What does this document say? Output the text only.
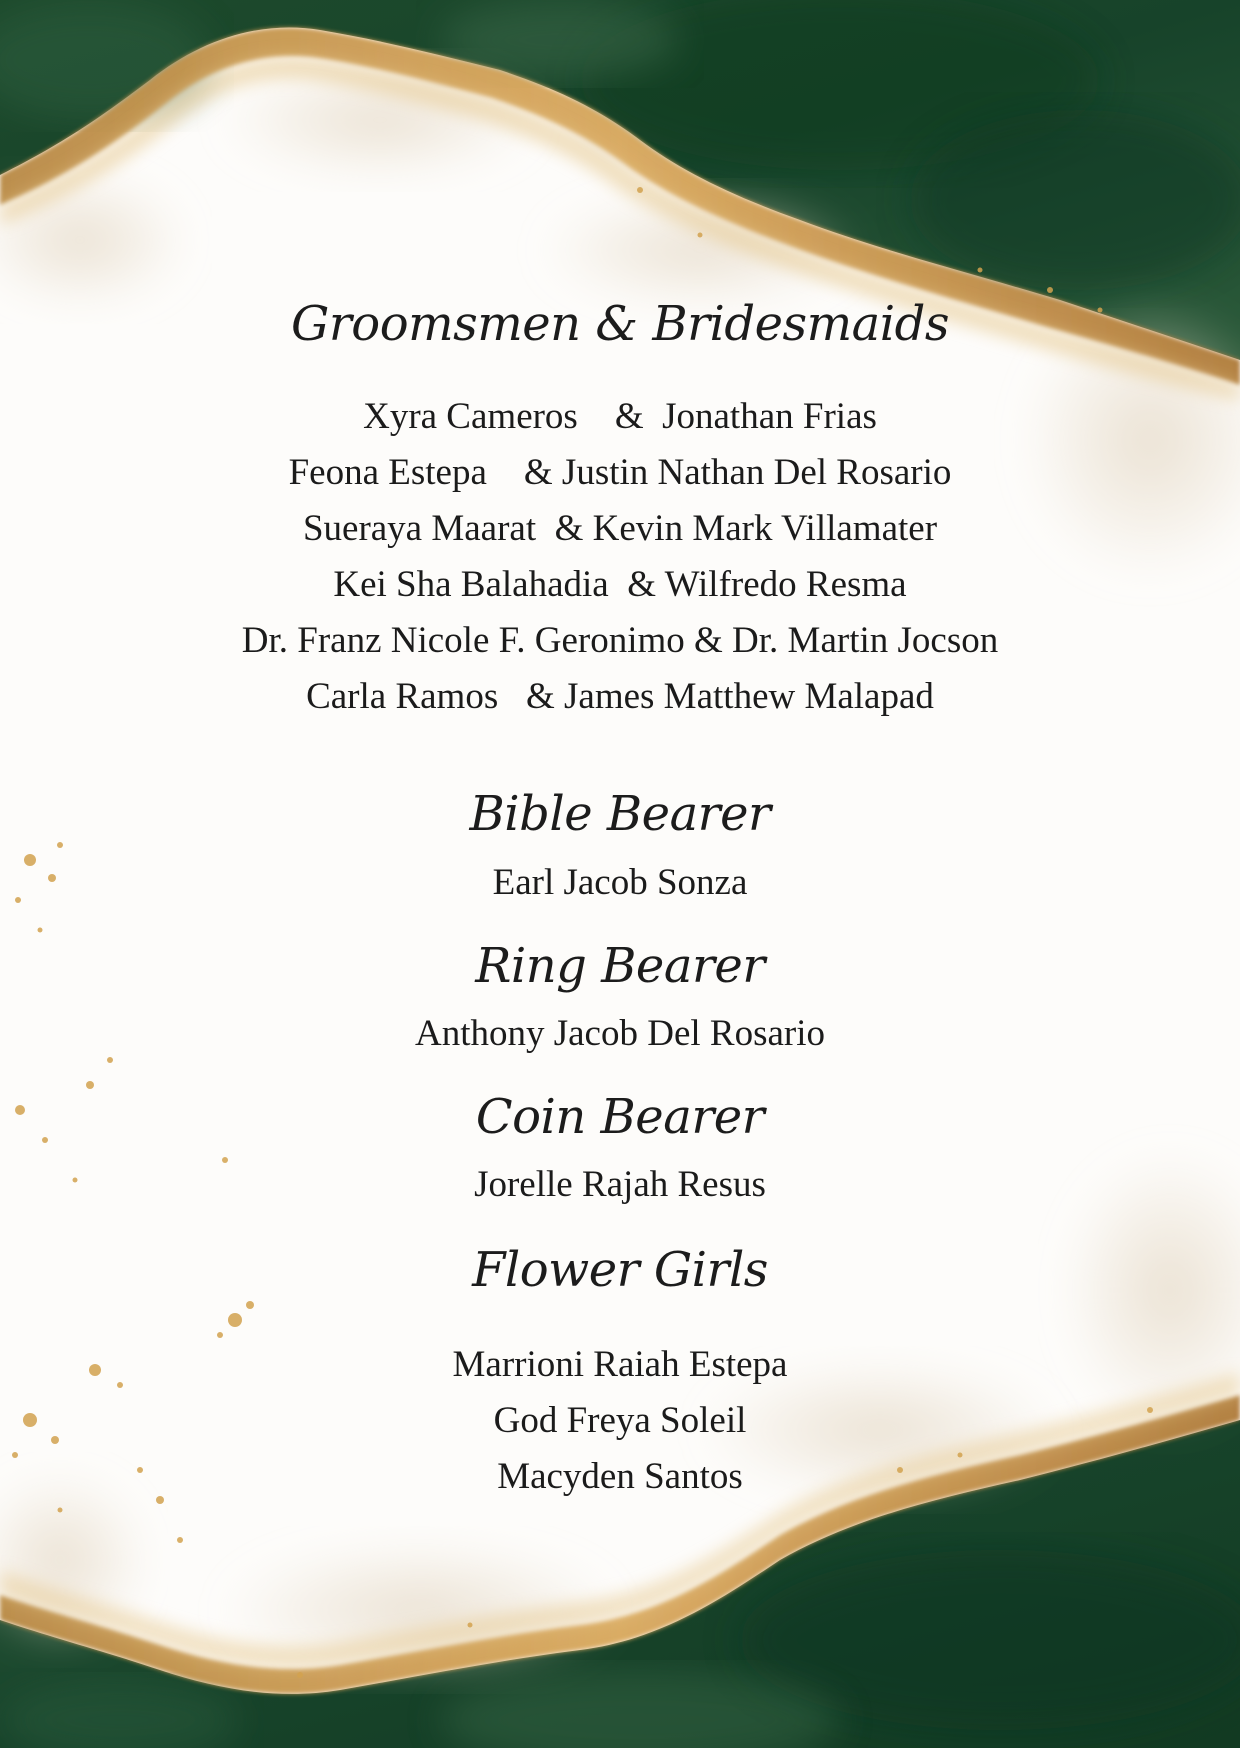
Groomsmen & Bridesmaids
Xyra Cameros    &  Jonathan Frias
Feona Estepa    & Justin Nathan Del Rosario
Sueraya Maarat  & Kevin Mark Villamater
Kei Sha Balahadia  & Wilfredo Resma
Dr. Franz Nicole F. Geronimo & Dr. Martin Jocson
Carla Ramos   & James Matthew Malapad
Bible Bearer
Earl Jacob Sonza
Ring Bearer
Anthony Jacob Del Rosario
Coin Bearer
Jorelle Rajah Resus
Flower Girls
Marrioni Raiah Estepa
God Freya Soleil
Macyden Santos
